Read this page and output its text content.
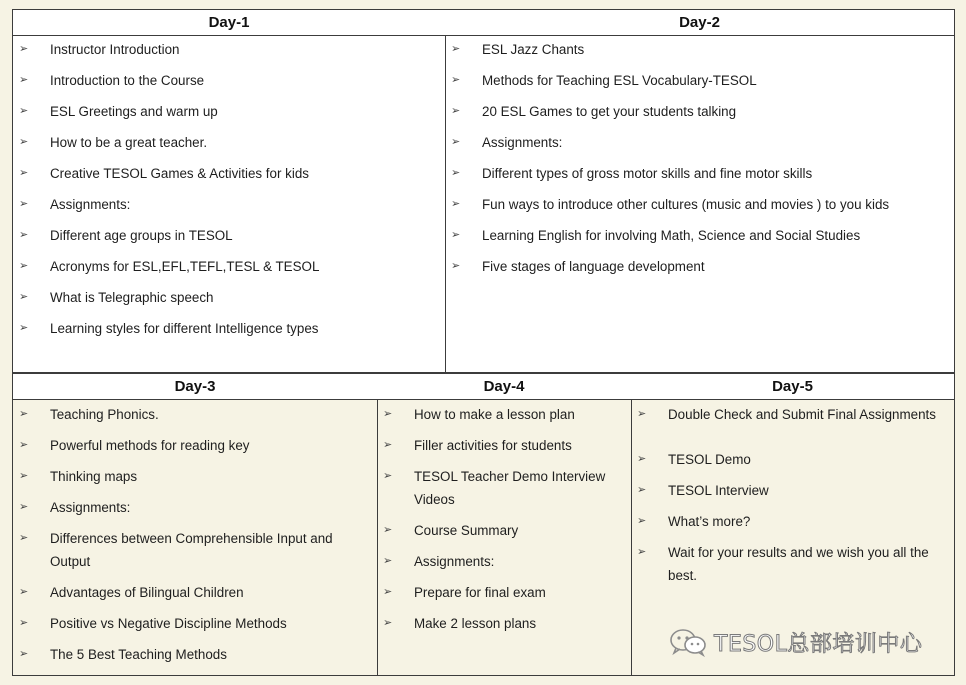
Day-1
➢ Instructor Introduction
➢ Introduction to the Course
➢ ESL Greetings and warm up
➢ How to be a great teacher.
➢ Creative TESOL Games & Activities for kids
➢ Assignments:
➢ Different age groups in TESOL
➢ Acronyms for ESL,EFL,TEFL,TESL & TESOL
➢ What is Telegraphic speech
➢ Learning styles for different Intelligence types
Day-2
➢ ESL Jazz Chants
➢ Methods for Teaching ESL Vocabulary-TESOL
➢ 20 ESL Games to get your students talking
➢ Assignments:
➢ Different types of gross motor skills and fine motor skills
➢ Fun ways to introduce other cultures (music and movies ) to you kids
➢ Learning English for involving Math, Science and Social Studies
➢ Five stages of language development
Day-3
➢ Teaching Phonics.
➢ Powerful methods for reading key
➢ Thinking maps
➢ Assignments:
➢ Differences between Comprehensible Input and Output
➢ Advantages of Bilingual Children
➢ Positive vs Negative Discipline Methods
➢ The 5 Best Teaching Methods
Day-4
➢ How to make a lesson plan
➢ Filler activities for students
➢ TESOL Teacher Demo Interview Videos
➢ Course Summary
➢ Assignments:
➢ Prepare for final exam
➢ Make 2 lesson plans
Day-5
➢ Double Check and Submit Final Assignments
➢ TESOL Demo
➢ TESOL Interview
➢ What’s more?
➢ Wait for your results and we wish you all the best.
TESOL总部培训中心
